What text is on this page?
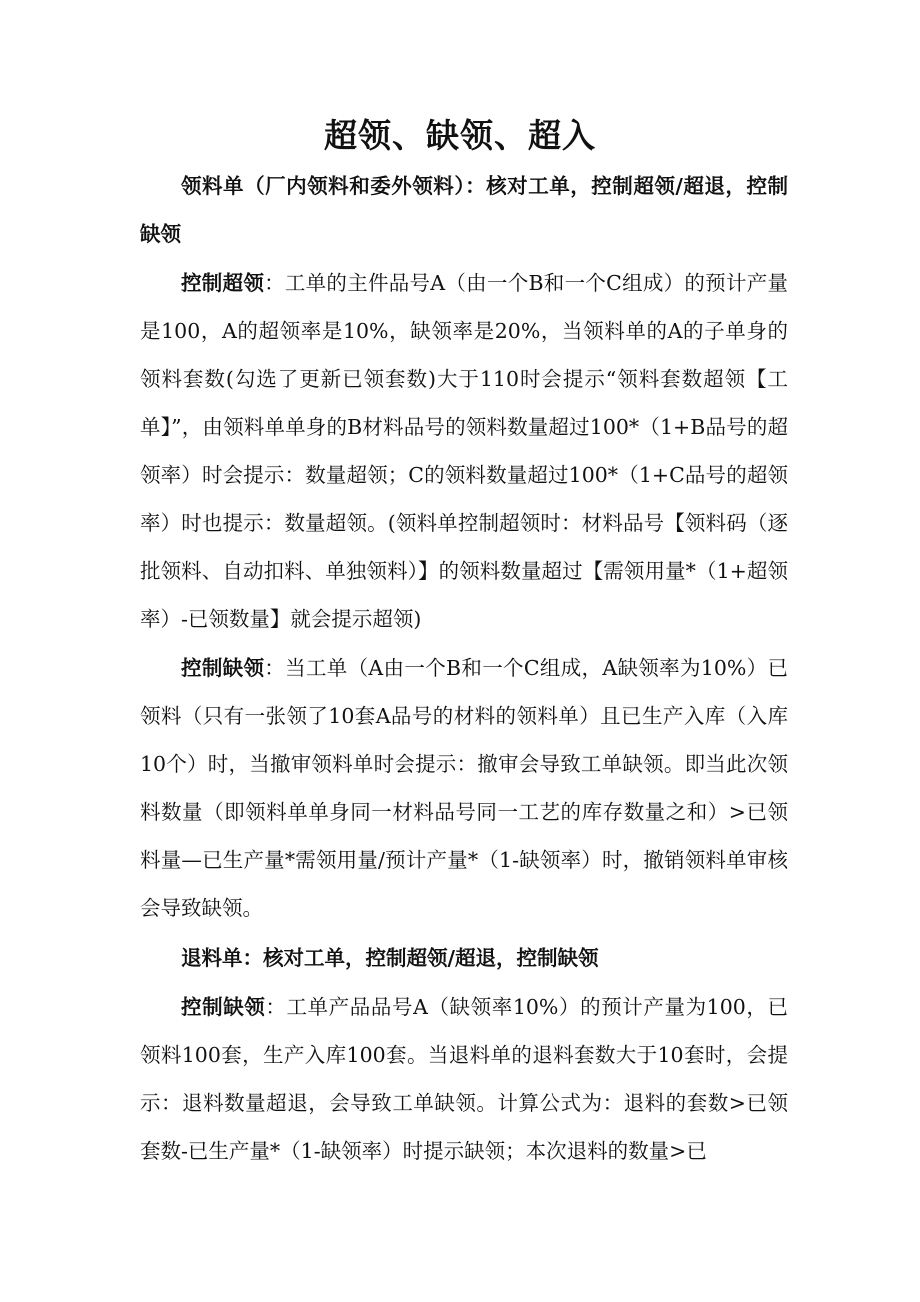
超领、缺领、超入

领料单（厂内领料和委外领料）：核对工单，控制超领/超退，控制缺领

控制超领：工单的主件品号A（由一个B和一个C组成）的预计产量是100，A的超领率是10%，缺领率是20%，当领料单的A的子单身的领料套数(勾选了更新已领套数)大于110时会提示“领料套数超领【工单】”，由领料单单身的B材料品号的领料数量超过100*（1+B品号的超领率）时会提示：数量超领；C的领料数量超过100*（1+C品号的超领率）时也提示：数量超领。(领料单控制超领时：材料品号【领料码（逐批领料、自动扣料、单独领料）】的领料数量超过【需领用量*（1+超领率）-已领数量】就会提示超领)

控制缺领：当工单（A由一个B和一个C组成，A缺领率为10%）已领料（只有一张领了10套A品号的材料的领料单）且已生产入库（入库10个）时，当撤审领料单时会提示：撤审会导致工单缺领。即当此次领料数量（即领料单单身同一材料品号同一工艺的库存数量之和）>已领料量—已生产量*需领用量/预计产量*（1-缺领率）时，撤销领料单审核会导致缺领。

退料单：核对工单，控制超领/超退，控制缺领

控制缺领：工单产品品号A（缺领率10%）的预计产量为100，已领料100套，生产入库100套。当退料单的退料套数大于10套时，会提示：退料数量超退，会导致工单缺领。计算公式为：退料的套数>已领套数-已生产量*（1-缺领率）时提示缺领；本次退料的数量>已
